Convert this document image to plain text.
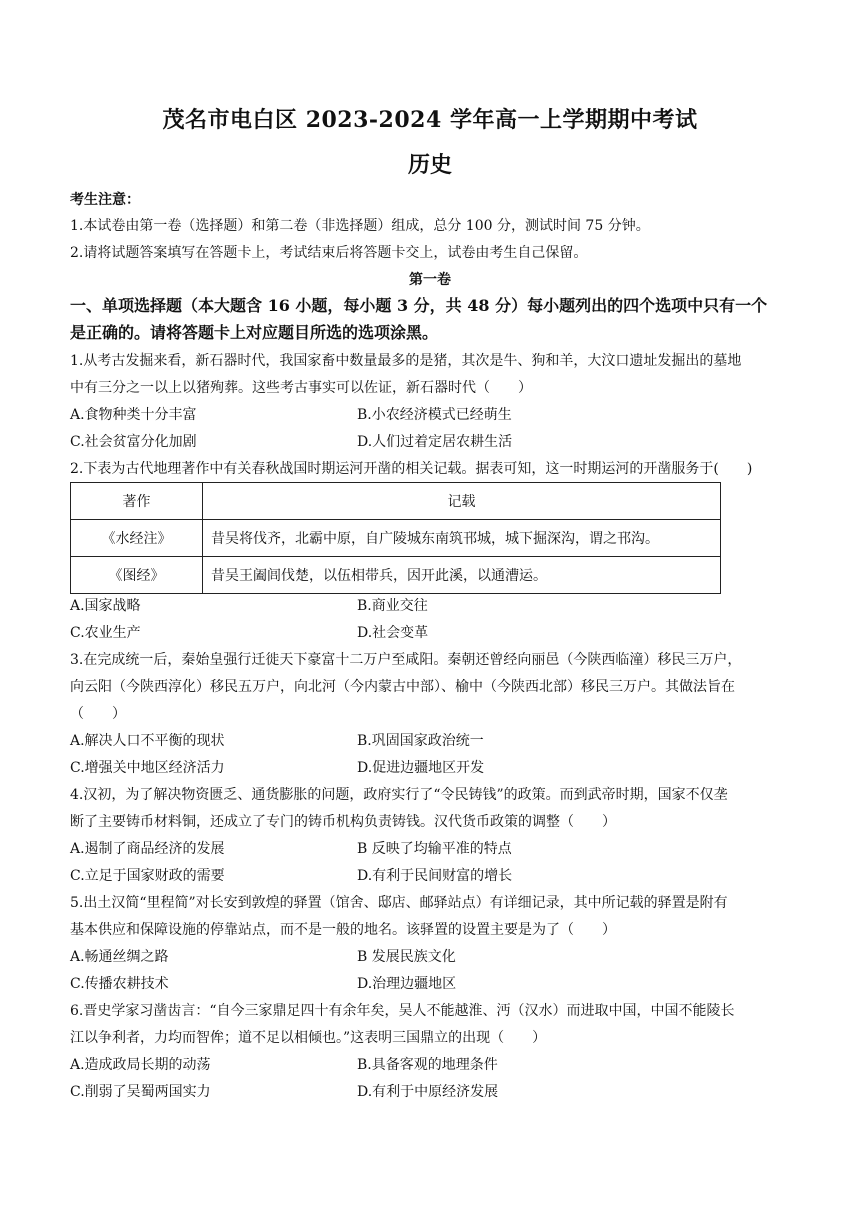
茂名市电白区 2023-2024 学年高一上学期期中考试
历史
考生注意：
1.本试卷由第一卷（选择题）和第二卷（非选择题）组成，总分 100 分，测试时间 75 分钟。
2.请将试题答案填写在答题卡上，考试结束后将答题卡交上，试卷由考生自己保留。
第一卷
一、单项选择题（本大题含 16 小题，每小题 3 分，共 48 分）每小题列出的四个选项中只有一个
是正确的。请将答题卡上对应题目所选的选项涂黑。
1.从考古发掘来看，新石器时代，我国家畜中数量最多的是猪，其次是牛、狗和羊，大汶口遗址发掘出的墓地
中有三分之一以上以猪殉葬。这些考古事实可以佐证，新石器时代（　　）
A.食物种类十分丰富	B.小农经济模式已经萌生
C.社会贫富分化加剧	D.人们过着定居农耕生活
2.下表为古代地理著作中有关春秋战国时期运河开凿的相关记载。据表可知，这一时期运河的开凿服务于(　　)
著作	记载
《水经注》	昔吴将伐齐，北霸中原，自广陵城东南筑邗城，城下掘深沟，谓之邗沟。
《图经》	昔吴王阖闾伐楚，以伍相带兵，因开此溪，以通漕运。
A.国家战略	B.商业交往
C.农业生产	D.社会变革
3.在完成统一后，秦始皇强行迁徙天下豪富十二万户至咸阳。秦朝还曾经向丽邑（今陕西临潼）移民三万户，
向云阳（今陕西淳化）移民五万户，向北河（今内蒙古中部）、榆中（今陕西北部）移民三万户。其做法旨在
（　　）
A.解决人口不平衡的现状	B.巩固国家政治统一
C.增强关中地区经济活力	D.促进边疆地区开发
4.汉初，为了解决物资匮乏、通货膨胀的问题，政府实行了“令民铸钱”的政策。而到武帝时期，国家不仅垄
断了主要铸币材料铜，还成立了专门的铸币机构负责铸钱。汉代货币政策的调整（　　）
A.遏制了商品经济的发展	B 反映了均输平准的特点
C.立足于国家财政的需要	D.有利于民间财富的增长
5.出土汉简“里程简”对长安到敦煌的驿置（馆舍、邸店、邮驿站点）有详细记录，其中所记载的驿置是附有
基本供应和保障设施的停靠站点，而不是一般的地名。该驿置的设置主要是为了（　　）
A.畅通丝绸之路	B 发展民族文化
C.传播农耕技术	D.治理边疆地区
6.晋史学家习凿齿言：“自今三家鼎足四十有余年矣，吴人不能越淮、沔（汉水）而进取中国，中国不能陵长
江以争利者，力均而智侔；道不足以相倾也。”这表明三国鼎立的出现（　　）
A.造成政局长期的动荡	B.具备客观的地理条件
C.削弱了吴蜀两国实力	D.有利于中原经济发展
